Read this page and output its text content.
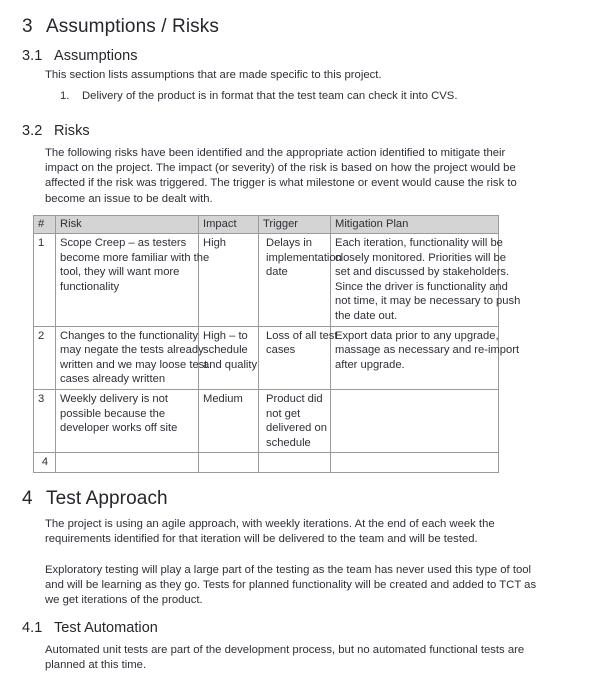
3 Assumptions / Risks
3.1 Assumptions
This section lists assumptions that are made specific to this project.
1.	Delivery of the product is in format that the test team can check it into CVS.
3.2 Risks
The following risks have been identified and the appropriate action identified to mitigate their impact on the project. The impact (or severity) of the risk is based on how the project would be affected if the risk was triggered. The trigger is what milestone or event would cause the risk to become an issue to be dealt with.
#	Risk	Impact	Trigger	Mitigation Plan
1	Scope Creep – as testers become more familiar with the tool, they will want more functionality	High	Delays in implementation date	Each iteration, functionality will be closely monitored. Priorities will be set and discussed by stakeholders. Since the driver is functionality and not time, it may be necessary to push the date out.

2	Changes to the functionality may negate the tests already written and we may loose test cases already written	High – to schedule and quality	Loss of all test cases	Export data prior to any upgrade, massage as necessary and re-import after upgrade.

3	Weekly delivery is not possible because the developer works off site	Medium	Product did not get delivered on schedule	

4				
4 Test Approach
The project is using an agile approach, with weekly iterations. At the end of each week the requirements identified for that iteration will be delivered to the team and will be tested.
Exploratory testing will play a large part of the testing as the team has never used this type of tool and will be learning as they go. Tests for planned functionality will be created and added to TCT as we get iterations of the product.
4.1 Test Automation
Automated unit tests are part of the development process, but no automated functional tests are planned at this time.
